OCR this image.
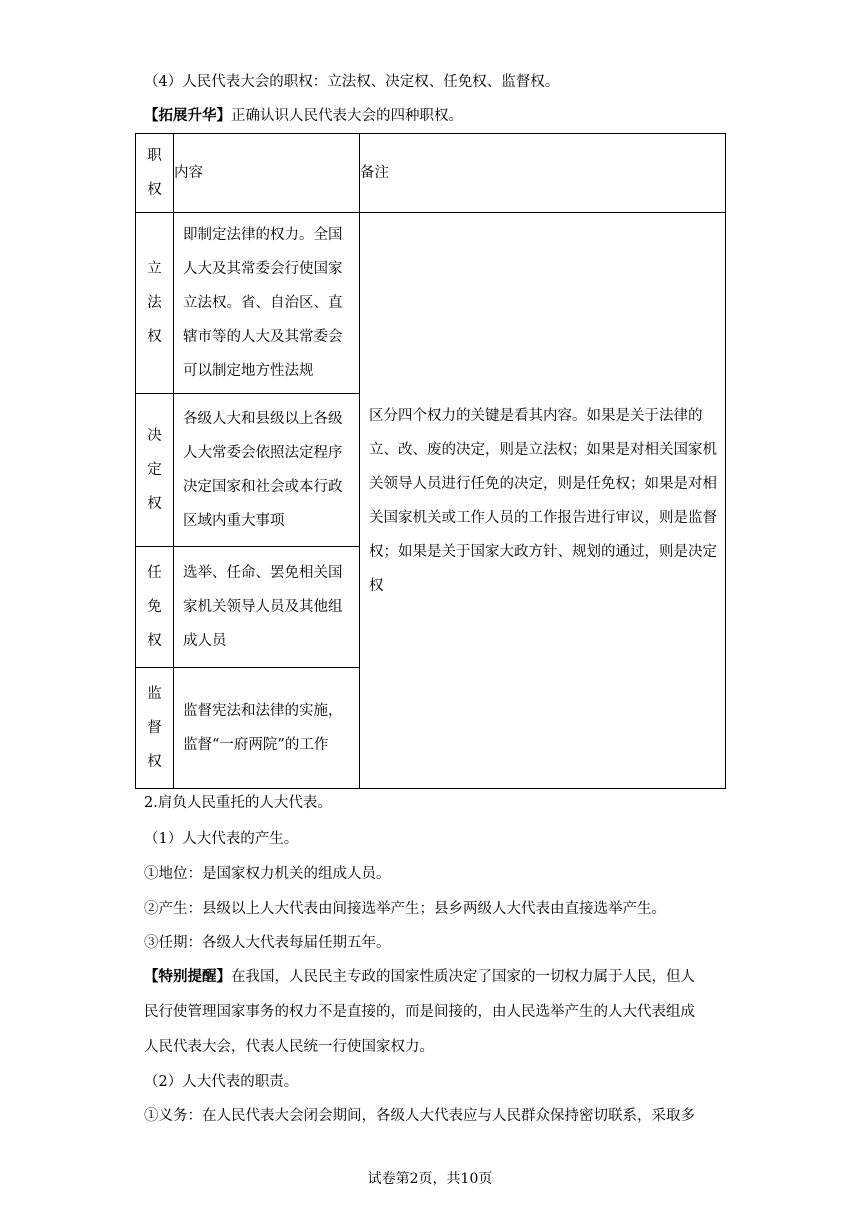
（4）人民代表大会的职权：立法权、决定权、任免权、监督权。
【拓展升华】正确认识人民代表大会的四种职权。
职权	内容	备注
立法权	即制定法律的权力。全国人大及其常委会行使国家立法权。省、自治区、直辖市等的人大及其常委会可以制定地方性法规	区分四个权力的关键是看其内容。如果是关于法律的立、改、废的决定，则是立法权；如果是对相关国家机关领导人员进行任免的决定，则是任免权；如果是对相关国家机关或工作人员的工作报告进行审议，则是监督权；如果是关于国家大政方针、规划的通过，则是决定权
决定权	各级人大和县级以上各级人大常委会依照法定程序决定国家和社会或本行政区域内重大事项	
任免权	选举、任命、罢免相关国家机关领导人员及其他组成人员	
监督权	监督宪法和法律的实施，监督“一府两院”的工作	
2.肩负人民重托的人大代表。
（1）人大代表的产生。
①地位：是国家权力机关的组成人员。
②产生：县级以上人大代表由间接选举产生；县乡两级人大代表由直接选举产生。
③任期：各级人大代表每届任期五年。
【特别提醒】在我国，人民民主专政的国家性质决定了国家的一切权力属于人民，但人
民行使管理国家事务的权力不是直接的，而是间接的，由人民选举产生的人大代表组成
人民代表大会，代表人民统一行使国家权力。
（2）人大代表的职责。
①义务：在人民代表大会闭会期间，各级人大代表应与人民群众保持密切联系，采取多
试卷第2页，共10页
